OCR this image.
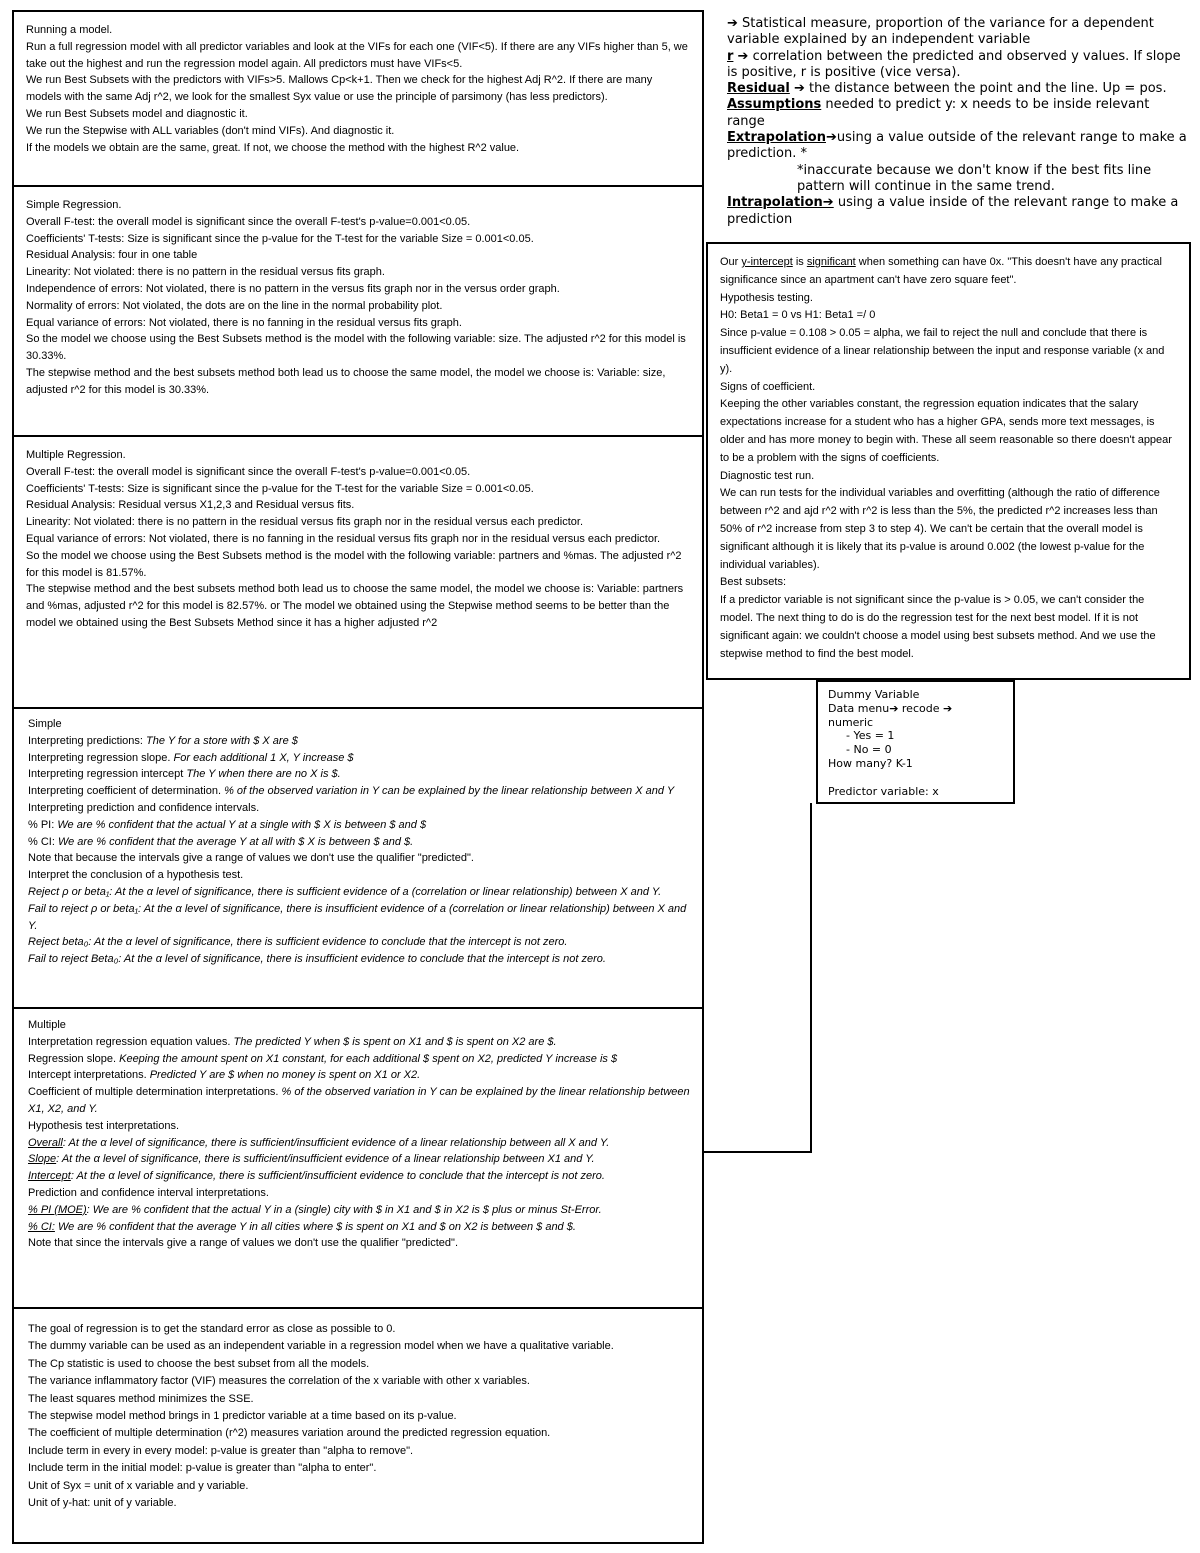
Running a model.

Run a full regression model with all predictor variables and look at the VIFs for each one (VIF<5). If there are any VIFs higher than 5, we take out the highest and run the regression model again. All predictors must have VIFs<5.

We run Best Subsets with the predictors with VIFs>5. Mallows Cp<k+1. Then we check for the highest Adj R^2. If there are many models with the same Adj r^2, we look for the smallest Syx value or use the principle of parsimony (has less predictors).

We run Best Subsets model and diagnostic it.

We run the Stepwise with ALL variables (don't mind VIFs). And diagnostic it.

If the models we obtain are the same, great. If not, we choose the method with the highest R^2 value.

Simple Regression.

Overall F-test: the overall model is significant since the overall F-test's p-value=0.001<0.05.

Coefficients' T-tests: Size is significant since the p-value for the T-test for the variable Size = 0.001<0.05.

Residual Analysis: four in one table

Linearity: Not violated: there is no pattern in the residual versus fits graph.

Independence of errors: Not violated, there is no pattern in the versus fits graph nor in the versus order graph.

Normality of errors: Not violated, the dots are on the line in the normal probability plot.

Equal variance of errors: Not violated, there is no fanning in the residual versus fits graph.

So the model we choose using the Best Subsets method is the model with the following variable: size. The adjusted r^2 for this model is 30.33%.

The stepwise method and the best subsets method both lead us to choose the same model, the model we choose is: Variable: size, adjusted r^2 for this model is 30.33%.

Multiple Regression.

Overall F-test: the overall model is significant since the overall F-test's p-value=0.001<0.05.

Coefficients' T-tests: Size is significant since the p-value for the T-test for the variable Size = 0.001<0.05.

Residual Analysis: Residual versus X1,2,3 and Residual versus fits.

Linearity: Not violated: there is no pattern in the residual versus fits graph nor in the residual versus each predictor.

Equal variance of errors: Not violated, there is no fanning in the residual versus fits graph nor in the residual versus each predictor.

So the model we choose using the Best Subsets method is the model with the following variable: partners and %mas. The adjusted r^2 for this model is 81.57%.

The stepwise method and the best subsets method both lead us to choose the same model, the model we choose is: Variable: partners and %mas, adjusted r^2 for this model is 82.57%. or The model we obtained using the Stepwise method seems to be better than the model we obtained using the Best Subsets Method since it has a higher adjusted r^2

Simple

Interpreting predictions: The Y for a store with $ X are $

Interpreting regression slope. For each additional 1 X, Y increase $

Interpreting regression intercept The Y when there are no X is $.

Interpreting coefficient of determination. % of the observed variation in Y can be explained by the linear relationship between X and Y

Interpreting prediction and confidence intervals.

% PI: We are % confident that the actual Y at a single with $ X is between $ and $

% CI: We are % confident that the average Y at all with $ X is between $ and $.

Note that because the intervals give a range of values we don't use the qualifier "predicted".

Interpret the conclusion of a hypothesis test.

Reject ρ or beta₁: At the α level of significance, there is sufficient evidence of a (correlation or linear relationship) between X and Y.

Fail to reject ρ or beta₁: At the α level of significance, there is insufficient evidence of a (correlation or linear relationship) between X and Y.

Reject beta₀: At the α level of significance, there is sufficient evidence to conclude that the intercept is not zero.

Fail to reject Beta₀: At the α level of significance, there is insufficient evidence to conclude that the intercept is not zero.

Multiple

Interpretation regression equation values. The predicted Y when $ is spent on X1 and $ is spent on X2 are $.

Regression slope. Keeping the amount spent on X1 constant, for each additional $ spent on X2, predicted Y increase is $

Intercept interpretations. Predicted Y are $ when no money is spent on X1 or X2.

Coefficient of multiple determination interpretations. % of the observed variation in Y can be explained by the linear relationship between X1, X2, and Y.

Hypothesis test interpretations.

Overall: At the α level of significance, there is sufficient/insufficient evidence of a linear relationship between all X and Y.

Slope: At the α level of significance, there is sufficient/insufficient evidence of a linear relationship between X1 and Y.

Intercept: At the α level of significance, there is sufficient/insufficient evidence to conclude that the intercept is not zero.

Prediction and confidence interval interpretations.

% PI (MOE): We are % confident that the actual Y in a (single) city with $ in X1 and $ in X2 is $ plus or minus St-Error.

% CI: We are % confident that the average Y in all cities where $ is spent on X1 and $ on X2 is between $ and $.

Note that since the intervals give a range of values we don't use the qualifier "predicted".

The goal of regression is to get the standard error as close as possible to 0.

The dummy variable can be used as an independent variable in a regression model when we have a qualitative variable.

The Cp statistic is used to choose the best subset from all the models.

The variance inflammatory factor (VIF) measures the correlation of the x variable with other x variables.

The least squares method minimizes the SSE.

The stepwise model method brings in 1 predictor variable at a time based on its p-value.

The coefficient of multiple determination (r^2) measures variation around the predicted regression equation.

Include term in every in every model: p-value is greater than "alpha to remove".

Include term in the initial model: p-value is greater than "alpha to enter".

Unit of Syx = unit of x variable and y variable.

Unit of y-hat: unit of y variable.

➔ Statistical measure, proportion of the variance for a dependent variable explained by an independent variable

r ➔ correlation between the predicted and observed y values. If slope is positive, r is positive (vice versa).

Residual ➔ the distance between the point and the line. Up = pos.

Assumptions needed to predict y: x needs to be inside relevant range

Extrapolation➔using a value outside of the relevant range to make a prediction. *

*inaccurate because we don't know if the best fits line pattern will continue in the same trend.

Intrapolation➔ using a value inside of the relevant range to make a prediction

Our y-intercept is significant when something can have 0x. "This doesn't have any practical significance since an apartment can't have zero square feet".

Hypothesis testing.

H0: Beta1 = 0 vs H1: Beta1 =/ 0

Since p-value = 0.108 > 0.05 = alpha, we fail to reject the null and conclude that there is insufficient evidence of a linear relationship between the input and response variable (x and y).

Signs of coefficient.

Keeping the other variables constant, the regression equation indicates that the salary expectations increase for a student who has a higher GPA, sends more text messages, is older and has more money to begin with. These all seem reasonable so there doesn't appear to be a problem with the signs of coefficients.

Diagnostic test run.

We can run tests for the individual variables and overfitting (although the ratio of difference between r^2 and ajd r^2 with r^2 is less than the 5%, the predicted r^2 increases less than 50% of r^2 increase from step 3 to step 4). We can't be certain that the overall model is significant although it is likely that its p-value is around 0.002 (the lowest p-value for the individual variables).

Best subsets:

If a predictor variable is not significant since the p-value is > 0.05, we can't consider the model. The next thing to do is do the regression test for the next best model. If it is not significant again: we couldn't choose a model using best subsets method. And we use the stepwise method to find the best model.

Dummy Variable

Data menu➔ recode ➔

numeric

- Yes = 1

- No = 0

How many? K-1

Predictor variable: x
